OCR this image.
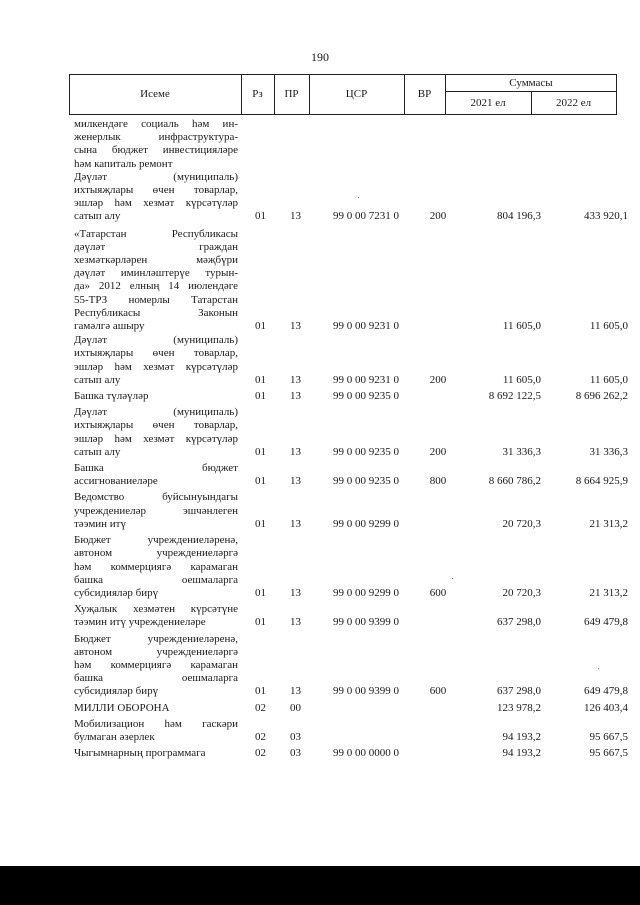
190
Исеме	Рз	ПР	ЦСР	ВР
Суммасы
2021 ел	2022 ел
милкендәге социаль һәм ин-
женерлык инфраструктура-
сына бюджет инвестицияләре
һәм капиталь ремонт
Дәүләт (муниципаль)
ихтыяҗлары өчен товарлар,
эшләр һәм хезмәт күрсәтүләр
сатып алу	01	13	99 0 00 7231 0	200	804 196,3	433 920,1
«Татарстан Республикасы
дәүләт граждан
хезмәткәрләрен мәҗбүри
дәүләт иминләштерүе турын-
да» 2012 елның 14 июлендәге
55-ТРЗ номерлы Татарстан
Республикасы Законын
гамәлгә ашыру	01	13	99 0 00 9231 0	11 605,0	11 605,0
Дәүләт (муниципаль)
ихтыяҗлары өчен товарлар,
эшләр һәм хезмәт күрсәтүләр
сатып алу	01	13	99 0 00 9231 0	200	11 605,0	11 605,0
Башка түләүләр	01	13	99 0 00 9235 0	8 692 122,5	8 696 262,2
Дәүләт (муниципаль)
ихтыяҗлары өчен товарлар,
эшләр һәм хезмәт күрсәтүләр
сатып алу	01	13	99 0 00 9235 0	200	31 336,3	31 336,3
Башка бюджет
ассигнованиеләре	01	13	99 0 00 9235 0	800	8 660 786,2	8 664 925,9
Ведомство буйсынуындагы
учреждениеләр эшчәнлеген
тәэмин итү	01	13	99 0 00 9299 0	20 720,3	21 313,2
Бюджет учреждениеләренә,
автоном учреждениеләргә
һәм коммерциягә карамаган
башка оешмаларга
субсидияләр бирү	01	13	99 0 00 9299 0	600	20 720,3	21 313,2
Хуҗалык хезмәтен күрсәтүне
тәэмин итү учреждениеләре	01	13	99 0 00 9399 0	637 298,0	649 479,8
Бюджет учреждениеләренә,
автоном учреждениеләргә
һәм коммерциягә карамаган
башка оешмаларга
субсидияләр бирү	01	13	99 0 00 9399 0	600	637 298,0	649 479,8
МИЛЛИ ОБОРОНА	02	00	123 978,2	126 403,4
Мобилизацион һәм гаскәри
булмаган әзерлек	02	03	94 193,2	95 667,5
Чыгымнарның программага	02	03	99 0 00 0000 0	94 193,2	95 667,5
